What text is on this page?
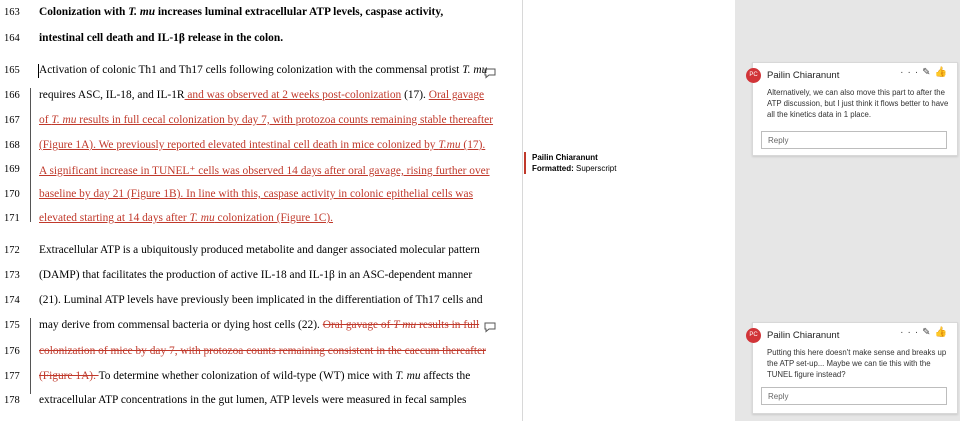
163	Colonization with T. mu increases luminal extracellular ATP levels, caspase activity,
164	intestinal cell death and IL-1β release in the colon.
165	Activation of colonic Th1 and Th17 cells following colonization with the commensal protist T. mu
166	requires ASC, IL-18, and IL-1R and was observed at 2 weeks post-colonization (17). Oral gavage
167	of T. mu results in full cecal colonization by day 7, with protozoa counts remaining stable thereafter
168	(Figure 1A). We previously reported elevated intestinal cell death in mice colonized by T.mu (17).
169	A significant increase in TUNEL⁺ cells was observed 14 days after oral gavage, rising further over
170	baseline by day 21 (Figure 1B). In line with this, caspase activity in colonic epithelial cells was
171	elevated starting at 14 days after T. mu colonization (Figure 1C).
172	Extracellular ATP is a ubiquitously produced metabolite and danger associated molecular pattern
173	(DAMP) that facilitates the production of active IL-18 and IL-1β in an ASC-dependent manner
174	(21). Luminal ATP levels have previously been implicated in the differentiation of Th17 cells and
175	may derive from commensal bacteria or dying host cells (22). Oral gavage of T mu results in full
176	colonization of mice by day 7, with protozoa counts remaining consistent in the caecum thereafter
177	(Figure 1A). To determine whether colonization of wild-type (WT) mice with T. mu affects the
178	extracellular ATP concentrations in the gut lumen, ATP levels were measured in fecal samples
Pailin Chiaranunt
Formatted: Superscript
PC Pailin Chiaranunt	···✎👍
Alternatively, we can also move this part to after the ATP discussion, but I just think it flows better to have all the kinetics data in 1 place.
Reply
PC Pailin Chiaranunt	···✎👍
Putting this here doesn't make sense and breaks up the ATP set-up... Maybe we can tie this with the TUNEL figure instead?
Reply
